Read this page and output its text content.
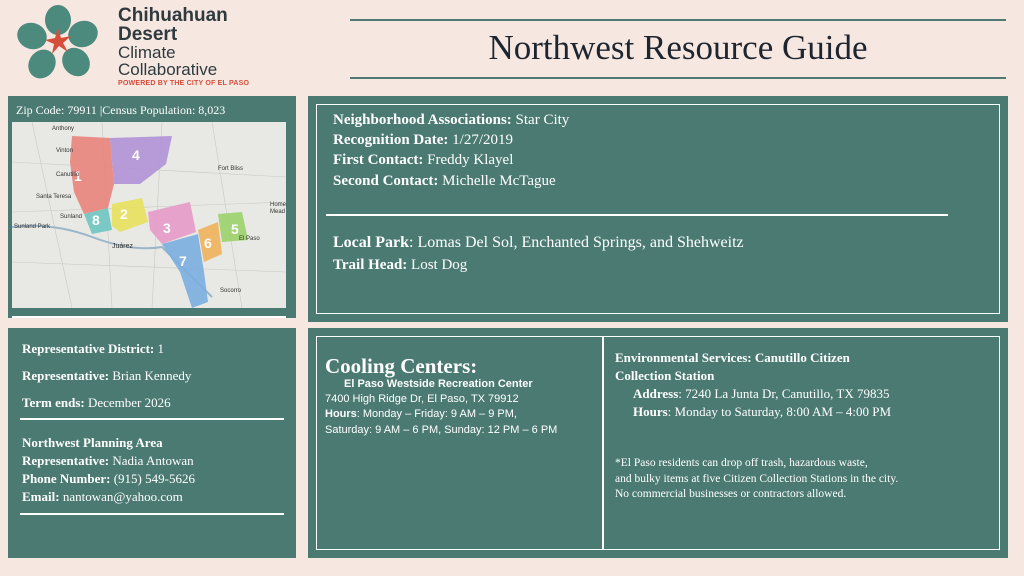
Chihuahuan
Desert
Climate
Collaborative
POWERED BY THE CITY OF EL PASO
Northwest Resource Guide
Zip Code: 79911 |Census Population: 8,023
1
2
3
4
5
6
7
8
Anthony
Vinton
Canutillo
Santa Teresa
Sunland
Sunland Park
Juárez
Fort Bliss
Home
Mead
Socorro
El Paso
Neighborhood Associations: Star City
Recognition Date: 1/27/2019
First Contact: Freddy Klayel
Second Contact: Michelle McTague
Local Park: Lomas Del Sol, Enchanted Springs, and Shehweitz
Trail Head: Lost Dog
Representative District: 1
Representative: Brian Kennedy
Term ends: December 2026
Northwest Planning Area
Representative: Nadia Antowan
Phone Number: (915) 549-5626
Email: nantowan@yahoo.com
Cooling Centers:
El Paso Westside Recreation Center
7400 High Ridge Dr, El Paso, TX 79912
Hours: Monday – Friday: 9 AM – 9 PM,
Saturday: 9 AM – 6 PM, Sunday: 12 PM – 6 PM
Environmental Services: Canutillo Citizen
Collection Station
Address: 7240 La Junta Dr, Canutillo, TX 79835
Hours: Monday to Saturday, 8:00 AM – 4:00 PM
*El Paso residents can drop off trash, hazardous waste,
and bulky items at five Citizen Collection Stations in the city.
No commercial businesses or contractors allowed.
